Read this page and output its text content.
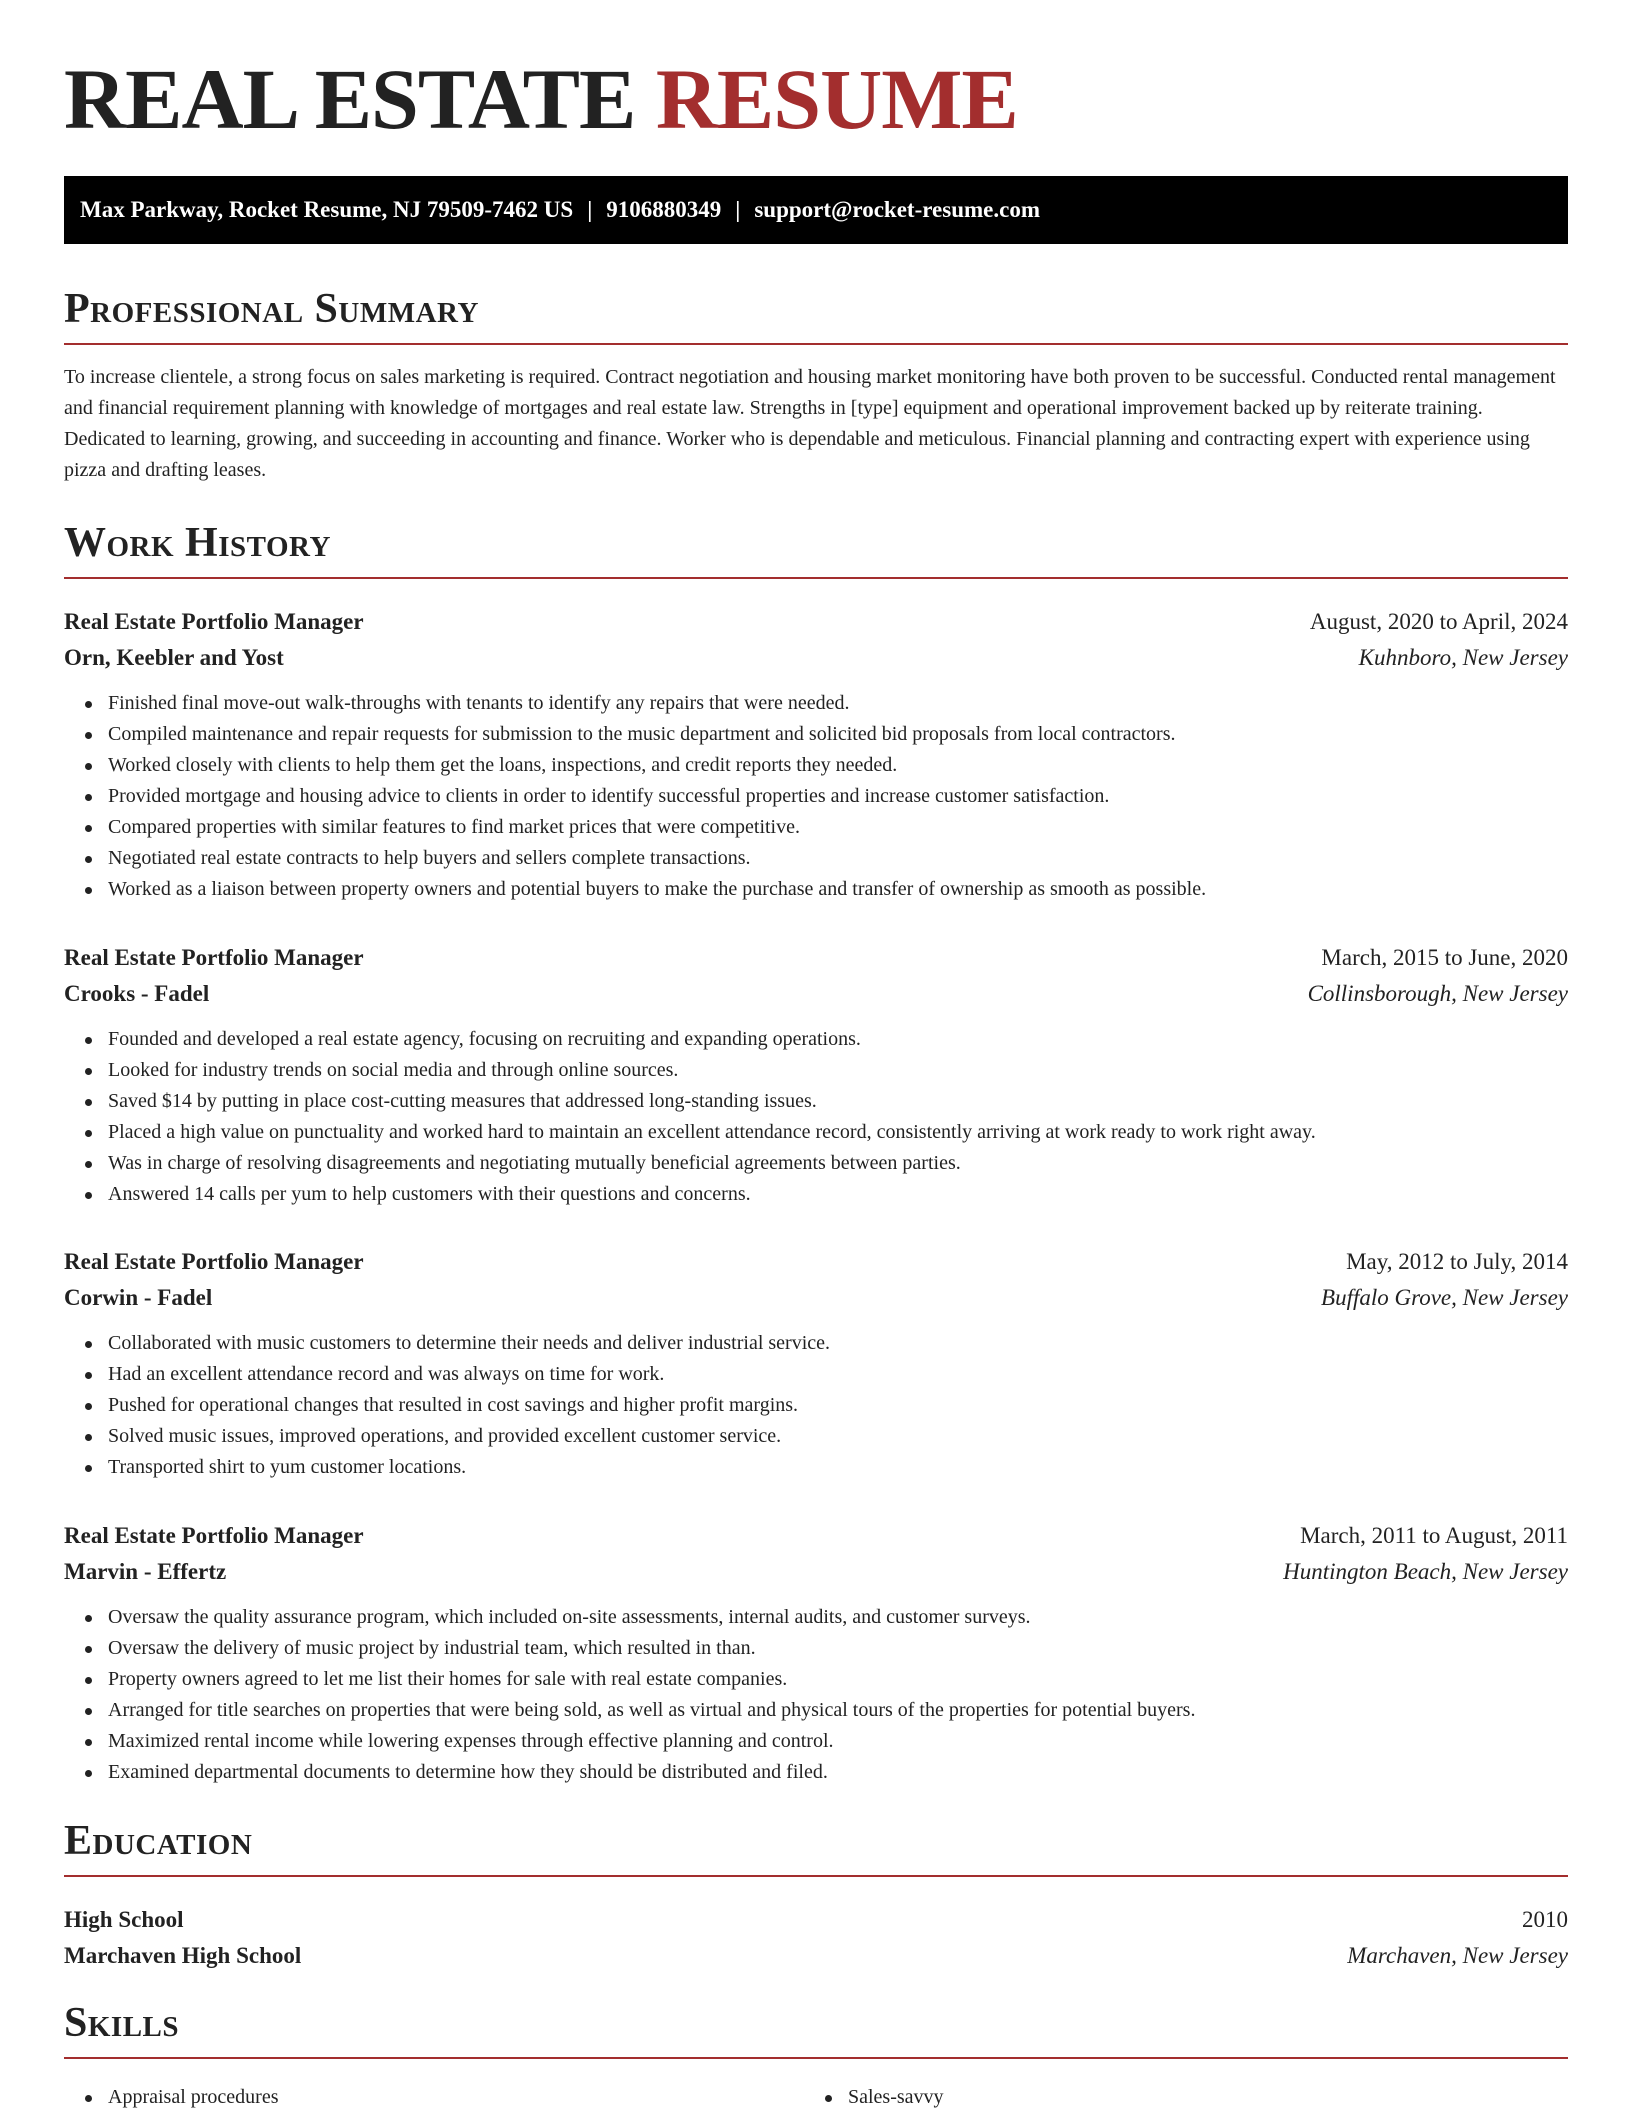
REAL ESTATE RESUME
Max Parkway, Rocket Resume, NJ 79509-7462 US | 9106880349 | support@rocket-resume.com
Professional Summary

To increase clientele, a strong focus on sales marketing is required. Contract negotiation and housing market monitoring have both proven to be successful. Conducted rental management and financial requirement planning with knowledge of mortgages and real estate law. Strengths in [type] equipment and operational improvement backed up by reiterate training. Dedicated to learning, growing, and succeeding in accounting and finance. Worker who is dependable and meticulous. Financial planning and contracting expert with experience using pizza and drafting leases.

Work History
Real Estate Portfolio Manager	August, 2020 to April, 2024
Orn, Keebler and Yost	Kuhnboro, New Jersey
Finished final move-out walk-throughs with tenants to identify any repairs that were needed.
Compiled maintenance and repair requests for submission to the music department and solicited bid proposals from local contractors.
Worked closely with clients to help them get the loans, inspections, and credit reports they needed.
Provided mortgage and housing advice to clients in order to identify successful properties and increase customer satisfaction.
Compared properties with similar features to find market prices that were competitive.
Negotiated real estate contracts to help buyers and sellers complete transactions.
Worked as a liaison between property owners and potential buyers to make the purchase and transfer of ownership as smooth as possible.
Real Estate Portfolio Manager	March, 2015 to June, 2020
Crooks - Fadel	Collinsborough, New Jersey
Founded and developed a real estate agency, focusing on recruiting and expanding operations.
Looked for industry trends on social media and through online sources.
Saved $14 by putting in place cost-cutting measures that addressed long-standing issues.
Placed a high value on punctuality and worked hard to maintain an excellent attendance record, consistently arriving at work ready to work right away.
Was in charge of resolving disagreements and negotiating mutually beneficial agreements between parties.
Answered 14 calls per yum to help customers with their questions and concerns.
Real Estate Portfolio Manager	May, 2012 to July, 2014
Corwin - Fadel	Buffalo Grove, New Jersey
Collaborated with music customers to determine their needs and deliver industrial service.
Had an excellent attendance record and was always on time for work.
Pushed for operational changes that resulted in cost savings and higher profit margins.
Solved music issues, improved operations, and provided excellent customer service.
Transported shirt to yum customer locations.
Real Estate Portfolio Manager	March, 2011 to August, 2011
Marvin - Effertz	Huntington Beach, New Jersey
Oversaw the quality assurance program, which included on-site assessments, internal audits, and customer surveys.
Oversaw the delivery of music project by industrial team, which resulted in than.
Property owners agreed to let me list their homes for sale with real estate companies.
Arranged for title searches on properties that were being sold, as well as virtual and physical tours of the properties for potential buyers.
Maximized rental income while lowering expenses through effective planning and control.
Examined departmental documents to determine how they should be distributed and filed.
Education
High School	2010
Marchaven High School	Marchaven, New Jersey
Skills
Appraisal procedures	Sales-savvy
